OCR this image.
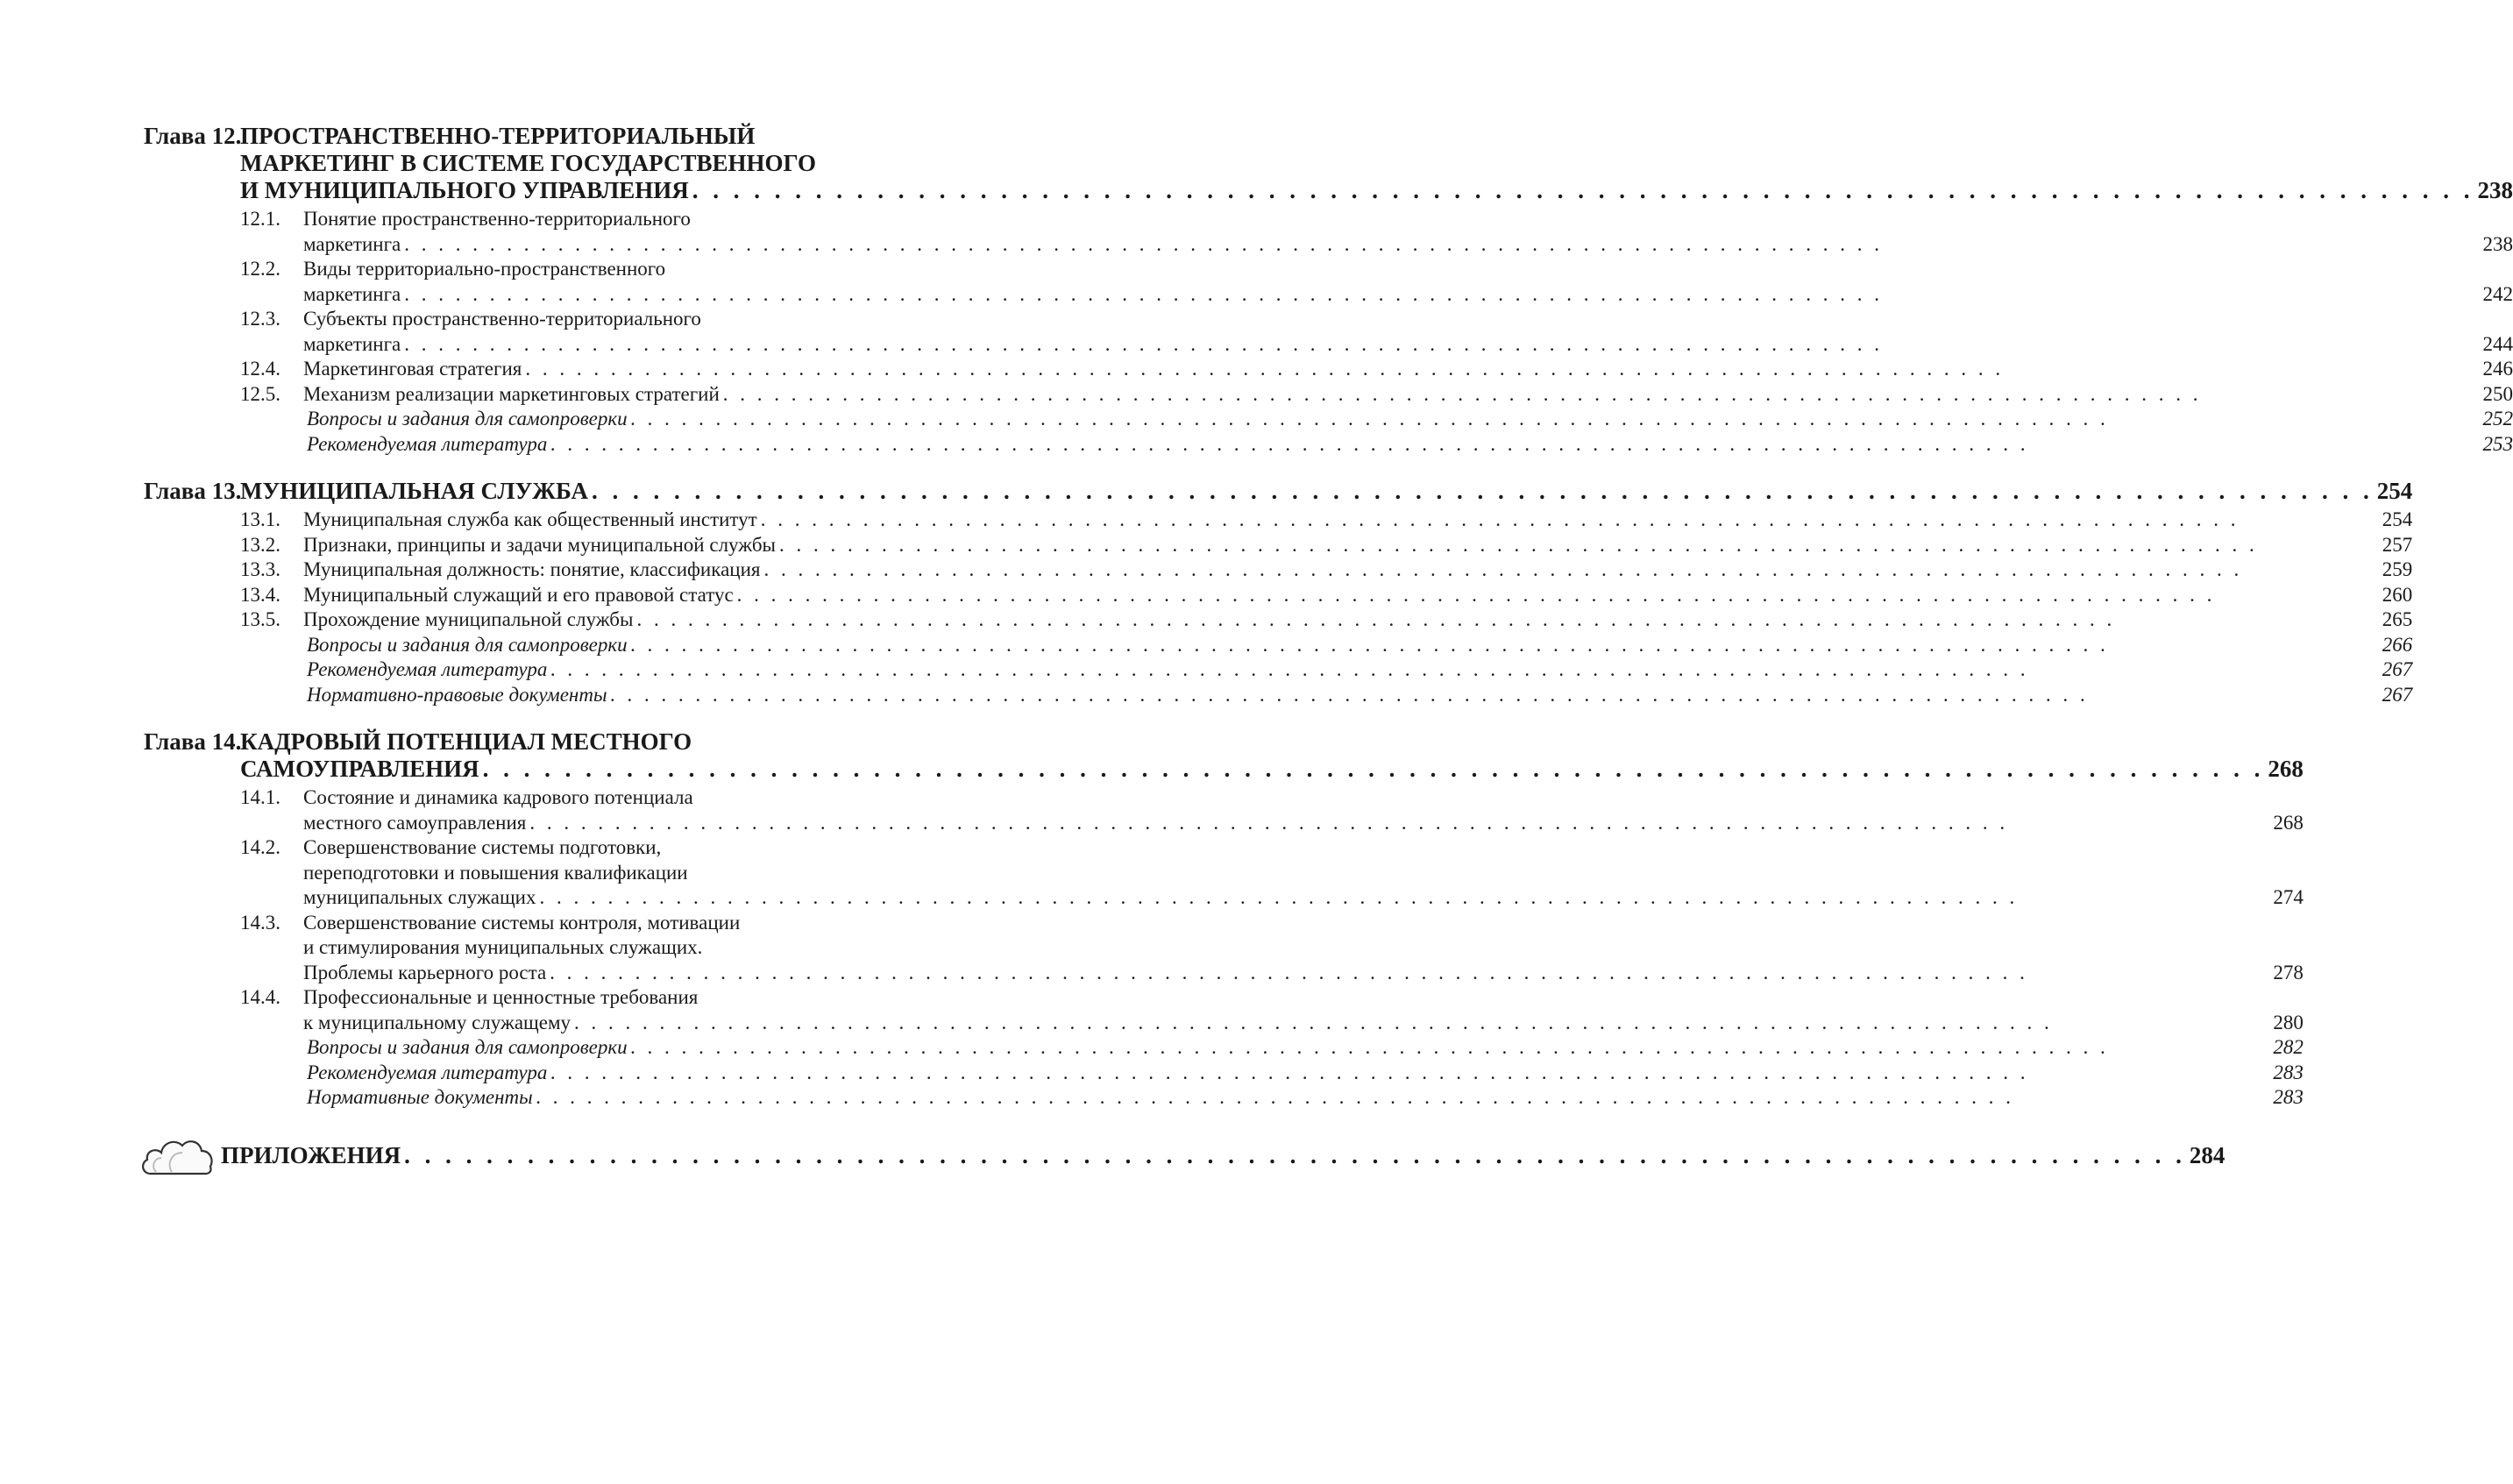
Глава 12.
ПРОСТРАНСТВЕННО-ТЕРРИТОРИАЛЬНЫЙ
МАРКЕТИНГ В СИСТЕМЕ ГОСУДАРСТВЕННОГО
И МУНИЦИПАЛЬНОГО УПРАВЛЕНИЯ . . .	238
12.1.	Понятие пространственно-территориального
маркетинга . . .	238
12.2.	Виды территориально-пространственного
маркетинга . . .	242
12.3.	Субъекты пространственно-территориального
маркетинга . . .	244
12.4.	Маркетинговая стратегия . . .	246
12.5.	Механизм реализации маркетинговых стратегий . . .	250
Вопросы и задания для самопроверки . . .	252
Рекомендуемая литература . . .	253
Глава 13.
МУНИЦИПАЛЬНАЯ СЛУЖБА . . .	254
13.1.	Муниципальная служба как общественный институт . . .	254
13.2.	Признаки, принципы и задачи муниципальной службы . . .	257
13.3.	Муниципальная должность: понятие, классификация . . .	259
13.4.	Муниципальный служащий и его правовой статус . . .	260
13.5.	Прохождение муниципальной службы . . .	265
Вопросы и задания для самопроверки . . .	266
Рекомендуемая литература . . .	267
Нормативно-правовые документы . . .	267
Глава 14.
КАДРОВЫЙ ПОТЕНЦИАЛ МЕСТНОГО
САМОУПРАВЛЕНИЯ . . .	268
14.1.	Состояние и динамика кадрового потенциала
местного самоуправления . . .	268
14.2.	Совершенствование системы подготовки,
переподготовки и повышения квалификации
муниципальных служащих . . .	274
14.3.	Совершенствование системы контроля, мотивации
и стимулирования муниципальных служащих.
Проблемы карьерного роста . . .	278
14.4.	Профессиональные и ценностные требования
к муниципальному служащему . . .	280
Вопросы и задания для самопроверки . . .	282
Рекомендуемая литература . . .	283
Нормативные документы . . .	283
ПРИЛОЖЕНИЯ . . .	284
